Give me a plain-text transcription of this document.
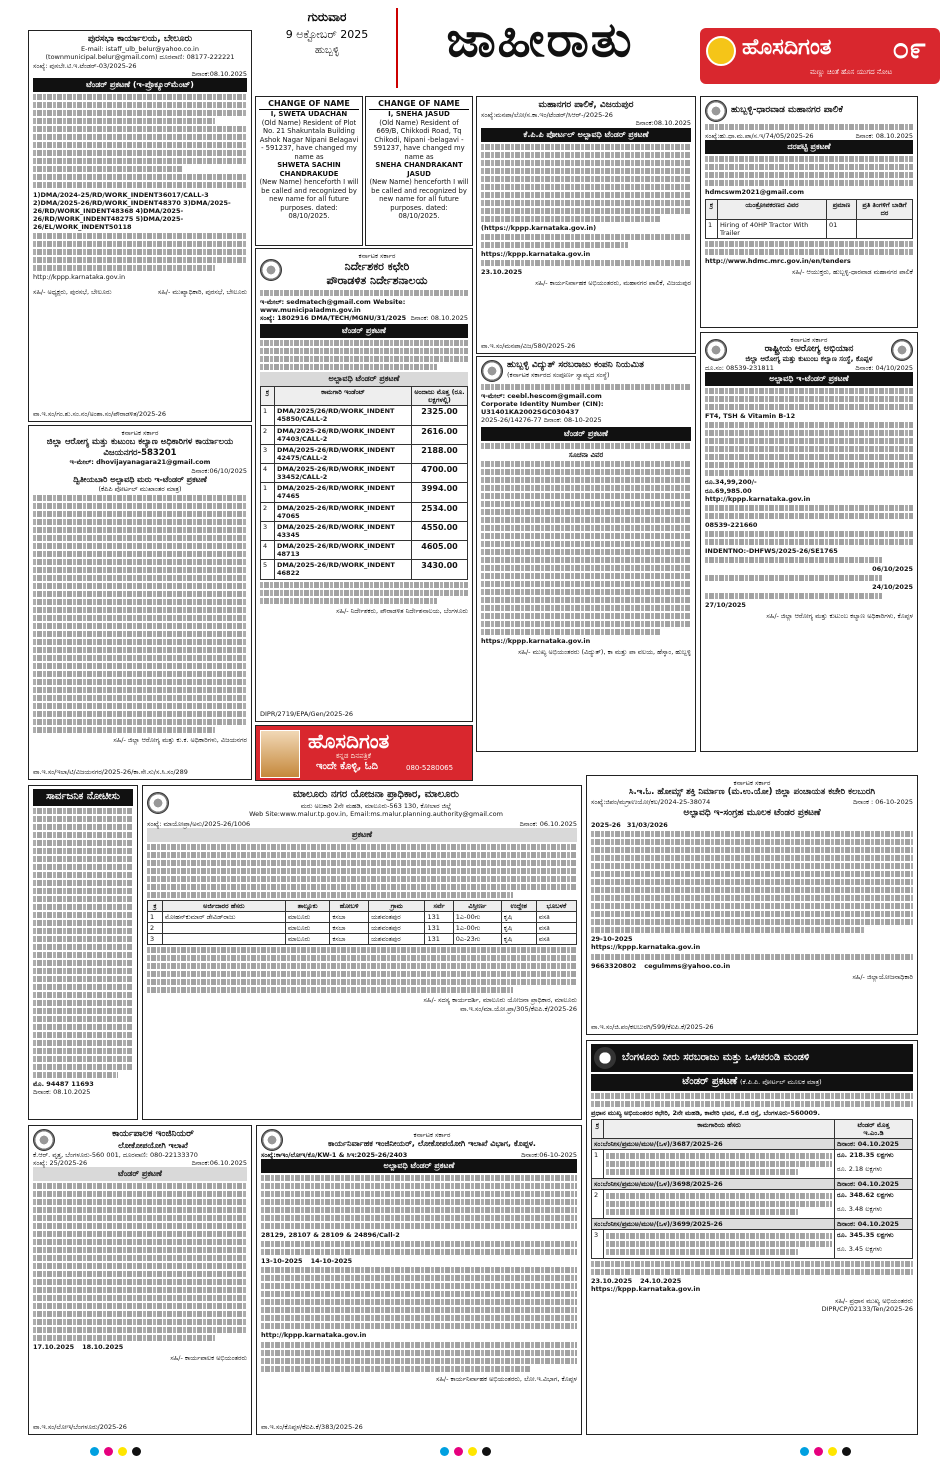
ಗುರುವಾರ
9 ಅಕ್ಟೋಬರ್ 2025
ಹುಬ್ಬಳ್ಳಿ	ಜಾಹೀರಾತು	ಹೊಸದಿಗಂತ ೦೯
ಮಣ್ಣು ಚಿಂತೆ ಹೊಸ ಯುಗದ ನೋಟ
ಪುರಸಭಾ ಕಾರ್ಯಾಲಯ, ಬೇಲೂರು
E-mail: istaff_ulb_belur@yahoo.co.in
(townmunicipal.belur@gmail.com) ದೂರವಾಣಿ: 08177-222221
ಸಂಖ್ಯೆ: ಪುಸಬೇ.ಟಿ.ಇ.ಟೆಂಡರ್-03/2025-26
ದಿನಾಂಕ:08.10.2025
ಟೆಂಡರ್ ಪ್ರಕಟಣೆ (ಇ-ಪ್ರೊಕ್ಯೂರ್‌ಮೆಂಟ್)
1)DMA/2024-25/RD/WORK_INDENT36017/CALL-3 2)DMA/2025-26/RD/WORK_INDENT48370 3)DMA/2025-26/RD/WORK_INDENT48368 4)DMA/2025-26/RD/WORK_INDENT48275 5)DMA/2025-26/EL/WORK_INDENT50118
http://kppp.karnataka.gov.in
ಸಹಿ/- ಅಧ್ಯಕ್ಷರು, ಪುರಸಭೆ, ಬೇಲೂರು	ಸಹಿ/- ಮುಖ್ಯಾಧಿಕಾರಿ, ಪುರಸಭೆ, ಬೇಲೂರು
ವಾ.ಇ.ಸಂ/ಗಂ.ಶು.ಸಂ.ನಂ/ಅಂಶಾ.ಸಂ/ಪೌರಾಡಳಿತ/2025-26
CHANGE OF NAME
I, SWETA UDACHAN
(Old Name) Resident of Plot No. 21 Shakuntala Building Ashok Nagar Nipani Belagavi - 591237, have changed my name as
SHWETA SACHIN CHANDRAKUDE
(New Name) henceforth I will be called and recognized by new name for all future purposes. dated: 08/10/2025.
CHANGE OF NAME
I, SNEHA JASUD
(Old Name) Resident of 669/B, Chikkodi Road, Tq Chikodi, Nipani -belagavi - 591237, have changed my name as
SNEHA CHANDRAKANT JASUD
(New Name) henceforth I will be called and recognized by new name for all future purposes. dated: 08/10/2025.
ಕರ್ನಾಟಕ ಸರ್ಕಾರ
ನಿರ್ದೇಶಕರ ಕಛೇರಿ
ಪೌರಾಡಳಿತ ನಿರ್ದೇಶನಾಲಯ
ಇ-ಮೇಲ್: sedmatech@gmail.com Website: www.municipaladmn.gov.in
ಸಂಖ್ಯೆ: 1802916 DMA/TECH/MGNU/31/2025 ದಿನಾಂಕ: 08.10.2025
ಟೆಂಡರ್ ಪ್ರಕಟಣೆ
ಅಲ್ಪಾವಧಿ ಟೆಂಡರ್ ಪ್ರಕಟಣೆ
ಕ್ರ	ಕಾಮಗಾರಿ ಇಂಡೆಂಟ್	ಅಂದಾಜು ಮೊತ್ತ (ರೂ. ಲಕ್ಷಗಳಲ್ಲಿ)
1	DMA/2025/26/RD/WORK_INDENT 45850/CALL-2	2325.00
2	DMA/2025-26/RD/WORK_INDENT 47403/CALL-2	2616.00
3	DMA/2025-26/RD/WORK_INDENT 42475/CALL-2	2188.00
4	DMA/2025-26/RD/WORK_INDENT 33452/CALL-2	4700.00
1	DMA/2025-26/RD/WORK_INDENT 47465	3994.00
2	DMA/2025-26/RD/WORK_INDENT 47065	2534.00
3	DMA/2025-26/RD/WORK_INDENT 43345	4550.00
4	DMA/2025-26/RD/WORK_INDENT 48713	4605.00
5	DMA/2025-26/RD/WORK_INDENT 46822	3430.00
ಸಹಿ/- ನಿರ್ದೇಶಕರು, ಪೌರಾಡಳಿತ ನಿರ್ದೇಶನಾಲಯ, ಬೆಂಗಳೂರು
DIPR/2719/EPA/Gen/2025-26
ಹೊಸದಿಗಂತ
ಕನ್ನಡ ದಿನಪತ್ರಿಕೆ
ಇಂದೇ ಕೊಳ್ಳಿ, ಓದಿ	080-5280065
ಮಹಾನಗರ ಪಾಲಿಕೆ, ವಿಜಯಪುರ
ಸಂಖ್ಯೆ:ಮನಪಾ/ಲೋ/ಸ.ಕಾ.ಇಂ/ಟೆಂಡರ್/ಸಿಆರ್-/2025-26
ದಿನಾಂಕ:08.10.2025
ಕೆ.ಪಿ.ಪಿ ಪೋರ್ಟಲ್ ಅಲ್ಪಾವಧಿ ಟೆಂಡರ್ ಪ್ರಕಟಣೆ
(https://kppp.karnataka.gov.in)
https://kppp.karnataka.gov.in
23.10.2025
ಸಹಿ/- ಕಾರ್ಯನಿರ್ವಾಹಕ ಅಭಿಯಂತರರು, ಮಹಾನಗರ ಪಾಲಿಕೆ, ವಿಜಯಪುರ
ವಾ.ಇ.ಸಂ/ಮನಪಾ/ವಿಜ/580/2025-26
ಹುಬ್ಬಳ್ಳಿ ವಿದ್ಯುತ್ ಸರಬರಾಜು ಕಂಪನಿ ನಿಯಮಿತ
(ಕರ್ನಾಟಕ ಸರ್ಕಾರದ ಸಂಪೂರ್ಣ ಸ್ವಾಮ್ಯದ ಸಂಸ್ಥೆ)
ಇ-ಮೇಲ್: ceebl.hescom@gmail.com
Corporate Identity Number (CIN): U31401KA2002SGC030437
2025-26/14276-77 ದಿನಾಂಕ: 08-10-2025
ಟೆಂಡರ್ ಪ್ರಕಟಣೆ
ಸೂಚನಾ ವಿವರ
https://kppp.karnataka.gov.in
ಸಹಿ/- ಮುಖ್ಯ ಅಭಿಯಂತರರು (ವಿದ್ಯುತ್), ಕಾ ಮತ್ತು ಪಾ ವಲಯ, ಹೆಸ್ಕಾಂ, ಹುಬ್ಬಳ್ಳಿ
ಹುಬ್ಬಳ್ಳಿ-ಧಾರವಾಡ ಮಹಾನಗರ ಪಾಲಿಕೆ
ಸಂಖ್ಯೆ:ಹು.ಧಾ.ಮ.ಪಾ/ಸ.ಇ/74/05/2025-26	ದಿನಾಂಕ: 08.10.2025
ದರಪಟ್ಟಿ ಪ್ರಕಟಣೆ
hdmcswm2021@gmail.com
ಕ್ರ	ಯಂತ್ರೋಪಕರಣದ ವಿವರ	ಪ್ರಮಾಣ	ಪ್ರತಿ ತಿಂಗಳಿಗೆ ಬಾಡಿಗೆ ದರ
1	Hiring of 40HP Tractor With Trailer	01	
http://www.hdmc.mrc.gov.in/en/tenders
ಸಹಿ/- ಆಯುಕ್ತರು, ಹುಬ್ಬಳ್ಳಿ-ಧಾರವಾಡ ಮಹಾನಗರ ಪಾಲಿಕೆ
ಕರ್ನಾಟಕ ಸರ್ಕಾರ
ರಾಷ್ಟ್ರೀಯ ಆರೋಗ್ಯ ಅಭಿಯಾನ
ಜಿಲ್ಲಾ ಆರೋಗ್ಯ ಮತ್ತು ಕುಟುಂಬ ಕಲ್ಯಾಣ ಸಂಸ್ಥೆ, ಕೊಪ್ಪಳ
ದೂ.ಸಂ: 08539-231811	ದಿನಾಂಕ: 04/10/2025
ಅಲ್ಪಾವಧಿ ಇ-ಟೆಂಡರ್ ಪ್ರಕಟಣೆ
FT4, TSH & Vitamin B-12
ರೂ.34,99,200/-
ರೂ.69,985.00
http://kppp.karnataka.gov.in
08539-221660
INDENTNO:-DHFWS/2025-26/SE1765
06/10/2025
24/10/2025
27/10/2025
ಸಹಿ/- ಜಿಲ್ಲಾ ಆರೋಗ್ಯ ಮತ್ತು ಕುಟುಂಬ ಕಲ್ಯಾಣ ಅಧಿಕಾರಿಗಳು, ಕೊಪ್ಪಳ
ಕರ್ನಾಟಕ ಸರ್ಕಾರ
ಜಿಲ್ಲಾ ಆರೋಗ್ಯ ಮತ್ತು ಕುಟುಂಬ ಕಲ್ಯಾಣ ಅಧಿಕಾರಿಗಳ ಕಾರ್ಯಾಲಯ ವಿಜಯನಗರ-583201
ಇ-ಮೇಲ್: dhovijayanagara21@gmail.com
ದಿನಾಂಕ:06/10/2025
ದ್ವಿತೀಯಬಾರಿ ಅಲ್ಪಾವಧಿ ಮರು ಇ-ಟೆಂಡರ್ ಪ್ರಕಟಣೆ
(ಕೆಪಿಪಿ ಪೋರ್ಟಲ್ ಮುಖಾಂತರ ಮಾತ್ರ)
ಸಹಿ/- ಜಿಲ್ಲಾ ಆರೋಗ್ಯ ಮತ್ತು ಕು.ಕ. ಅಧಿಕಾರಿಗಳು, ವಿಜಯನಗರ
ವಾ.ಇ.ಸಂ/ಇಲಾ/ಟಿ/ವಿಜಯನಗರ/2025-26/ಕಾ.ಸೇ.ಸು/ಸ.ಸಿ.ಸಂ/289
ಸಾರ್ವಜನಿಕ ನೋಟೀಸು
ಮೊ. 94487 11693
ದಿನಾಂಕ: 08.10.2025
ಮಾಲೂರು ನಗರ ಯೋಜನಾ ಪ್ರಾಧಿಕಾರ, ಮಾಲೂರು
ಮರು ಅಬಕಾರಿ 2ನೇ ಮಹಡಿ, ಮಾಲೂರು-563 130, ಕೋಲಾರ ಜಿಲ್ಲೆ
Web Site:www.malur.tp.gov.in, Email:ms.malur.planning.authority@gmail.com
ಸಂಖ್ಯೆ: ಮಾಯೋಪ್ರಾ/ಅನು/2025-26/1006	ದಿನಾಂಕ: 06.10.2025
ಪ್ರಕಟಣೆ
ಕ್ರ	ಅರ್ಜಿದಾರರ ಹೆಸರು	ತಾಲ್ಲೂಕು	ಹೋಬಳಿ	ಗ್ರಾಮ	ಸರ್ವೆ	ವಿಸ್ತೀರ್ಣ	ಉದ್ದೇಶ	ಭೂಬಳಕೆ
1	ಮೋಹನ್‌ಕುಮಾರ್ ಡೇವಿಡ್‌ರಾಜು	ಮಾಲೂರು	ಕಸಬಾ	ಯಶವಂತಪುರ	131	1ಎ-00ಗು	ಕೃಷಿ	ವಸತಿ
2		ಮಾಲೂರು	ಕಸಬಾ	ಯಶವಂತಪುರ	131	1ಎ-00ಗು	ಕೃಷಿ	ವಸತಿ
3		ಮಾಲೂರು	ಕಸಬಾ	ಯಶವಂತಪುರ	131	0ಎ-23ಗು	ಕೃಷಿ	ವಸತಿ
ಸಹಿ/- ಸದಸ್ಯ ಕಾರ್ಯದರ್ಶಿ, ಮಾಲೂರು ಯೋಜನಾ ಪ್ರಾಧಿಕಾರ, ಮಾಲೂರು
ವಾ.ಇ.ಸಂ/ಮಾ.ಯೋ.ಪ್ರಾ/305/ಕೆಐಪಿ.ಕೆ/2025-26
ಕರ್ನಾಟಕ ಸರ್ಕಾರ
ಸಿ.ಇ.ಓ. ಹೋಮ್ಸ್ ಶಕ್ತಿ ನಿರ್ಮಾಣ (ಮ.ಉ.ಯೋ) ಜಿಲ್ಲಾ ಪಂಚಾಯತ ಕಚೇರಿ ಕಲಬುರಗಿ
ಸಂಖ್ಯೆ:ಜಿಪಂ/ಮಗ್ರಾಉಯೋ/ಕಲ/2024-25-38074	ದಿನಾಂಕ : 06-10-2025
ಅಲ್ಪಾವಧಿ ಇ-ಸಂಗ್ರಹ ಮೂಲಕ ಟೆಂಡರ ಪ್ರಕಟಣೆ
2025-26 31/03/2026
29-10-2025
https://kppp.karnataka.gov.in
9663320802 cegulmms@yahoo.co.in
ಸಹಿ/- ಜಿಲ್ಲಾಯೋಜನಾಧಿಕಾರಿ
ವಾ.ಇ.ಸಂ/ಜಿ.ಪಂ/ಕಲಬುರಗಿ/599/ಕೆಐಪಿ.ಕೆ/2025-26
ಬೆಂಗಳೂರು ನೀರು ಸರಬರಾಜು ಮತ್ತು ಒಳಚರಂಡಿ ಮಂಡಳಿ
ಟೆಂಡರ್ ಪ್ರಕಟಣೆ (ಕೆ.ಪಿ.ಪಿ. ಪೋರ್ಟಲ್ ಮೂಲಕ ಮಾತ್ರ)
ಪ್ರಧಾನ ಮುಖ್ಯ ಅಭಿಯಂತರರ ಕಛೇರಿ, 2ನೇ ಮಹಡಿ, ಕಾವೇರಿ ಭವನ, ಕೆ.ಜಿ ರಸ್ತೆ, ಬೆಂಗಳೂರು-560009.
ಕ್ರ	ಕಾಮಗಾರಿಯ ಹೆಸರು	ಟೆಂಡರ್ ಮೊತ್ತ
ಇ.ಎಂ.ಡಿ
ಸಂ:ಬೆಂನೀಸ/ಪ್ರಮುಅ/ಮುಅ/(ಒಳ)/3687/2025-26		ದಿನಾಂಕ: 04.10.2025
1		ರೂ. 218.35 ಲಕ್ಷಗಳು
ರೂ. 2.18 ಲಕ್ಷಗಳು

ಸಂ:ಬೆಂನೀಸ/ಪ್ರಮುಅ/ಮುಅ/(ಒಳ)/3698/2025-26		ದಿನಾಂಕ: 04.10.2025
2		ರೂ. 348.62 ಲಕ್ಷಗಳು
ರೂ. 3.48 ಲಕ್ಷಗಳು

ಸಂ:ಬೆಂನೀಸ/ಪ್ರಮುಅ/ಮುಅ/(ಒಳ)/3699/2025-26		ದಿನಾಂಕ: 04.10.2025
3		ರೂ. 345.35 ಲಕ್ಷಗಳು
ರೂ. 3.45 ಲಕ್ಷಗಳು
23.10.2025 24.10.2025
https://kppp.karnataka.gov.in
ಸಹಿ/- ಪ್ರಧಾನ ಮುಖ್ಯ ಅಭಿಯಂತರರು
DIPR/CP/02133/Ten/2025-26
ಕಾರ್ಯಪಾಲಕ ಇಂಜಿನಿಯರ್
ಲೋಕೋಪಯೋಗಿ ಇಲಾಖೆ
ಕೆ.ಆರ್. ವೃತ್ತ, ಬೆಂಗಳೂರು-560 001, ದೂರವಾಣಿ: 080-22133370
ಸಂಖ್ಯೆ: 25/2025-26	ದಿನಾಂಕ:06.10.2025
ಟೆಂಡರ್ ಪ್ರಕಟಣೆ
17.10.2025 18.10.2025
ಸಹಿ/- ಕಾರ್ಯಪಾಲಕ ಅಭಿಯಂತರರು
ವಾ.ಇ.ಸಂ/ಲೋಇ/ಬೆಂಗಳೂರು/2025-26
ಕರ್ನಾಟಕ ಸರ್ಕಾರ
ಕಾರ್ಯನಿರ್ವಾಹಕ ಇಂಜಿನೀಯರ್, ಲೋಕೋಪಯೋಗಿ ಇಲಾಖೆ ವಿಭಾಗ, ಕೊಪ್ಪಳ.
ಸಂಖ್ಯೆ:ಕಾಇಂ/ಲೋಇ/ಕೊ/KW-1 & ಸಿಇ:2025-26/2403	ದಿನಾಂಕ:06-10-2025
ಅಲ್ಪಾವಧಿ ಟೆಂಡರ್ ಪ್ರಕಟಣೆ
28129, 28107 & 28109 & 24896/Call-2
13-10-2025 14-10-2025
http://kppp.karnataka.gov.in
ಸಹಿ/- ಕಾರ್ಯನಿರ್ವಾಹಕ ಅಭಿಯಂತರರು, ಲೋ.ಇ.ವಿಭಾಗ, ಕೊಪ್ಪಳ
ವಾ.ಇ.ಸಂ/ಕೊಪ್ಪಳ/ಕೆಐಪಿ.ಕೆ/383/2025-26
